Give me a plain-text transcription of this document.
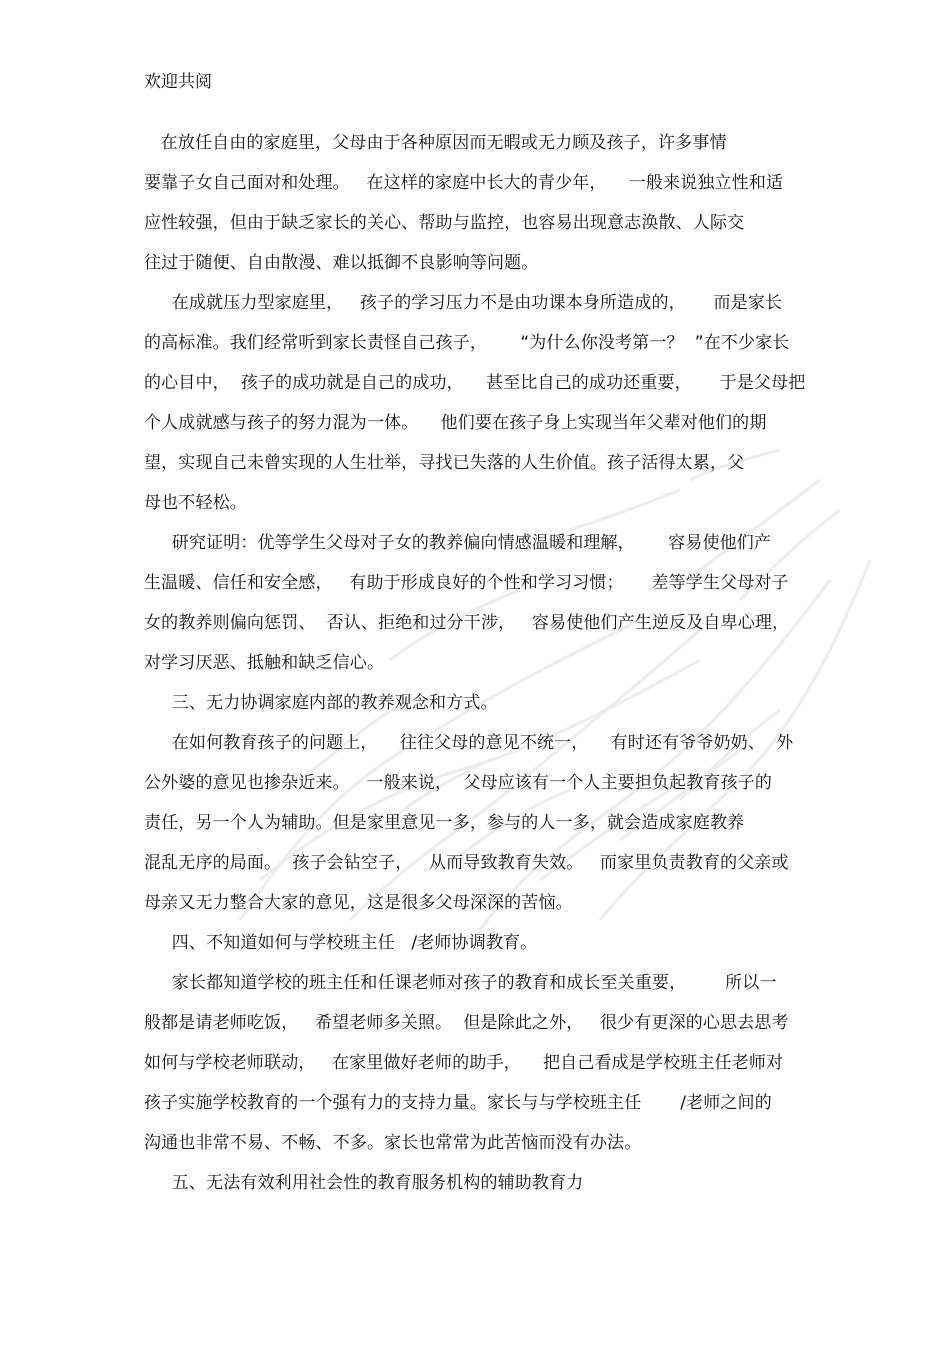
欢迎共阅
在放任自由的家庭里，父母由于各种原因而无暇或无力顾及孩子，许多事情
要靠子女自己面对和处理。   在这样的家庭中长大的青少年，    一般来说独立性和适
应性较强，但由于缺乏家长的关心、帮助与监控，也容易出现意志涣散、人际交
往过于随便、自由散漫、难以抵御不良影响等问题。
在成就压力型家庭里，   孩子的学习压力不是由功课本身所造成的，     而是家长
的高标准。我们经常听到家长责怪自己孩子，      “为什么你没考第一？  ”在不少家长
的心目中，  孩子的成功就是自己的成功，    甚至比自己的成功还重要，     于是父母把
个人成就感与孩子的努力混为一体。    他们要在孩子身上实现当年父辈对他们的期
望，实现自己未曾实现的人生壮举，寻找已失落的人生价值。孩子活得太累，父
母也不轻松。
研究证明：优等学生父母对子女的教养偏向情感温暖和理解，      容易使他们产
生温暖、信任和安全感，   有助于形成良好的个性和学习习惯；     差等学生父母对子
女的教养则偏向惩罚、  否认、拒绝和过分干涉，   容易使他们产生逆反及自卑心理，
对学习厌恶、抵触和缺乏信心。
三、无力协调家庭内部的教养观念和方式。
在如何教育孩子的问题上，    往往父母的意见不统一，    有时还有爷爷奶奶、  外
公外婆的意见也掺杂近来。   一般来说，  父母应该有一个人主要担负起教育孩子的
责任，另一个人为辅助。但是家里意见一多，参与的人一多，就会造成家庭教养
混乱无序的局面。  孩子会钻空子，   从而导致教育失效。   而家里负责教育的父亲或
母亲又无力整合大家的意见，这是很多父母深深的苦恼。
四、不知道如何与学校班主任   /老师协调教育。
家长都知道学校的班主任和任课老师对孩子的教育和成长至关重要，       所以一
般都是请老师吃饭，   希望老师多关照。  但是除此之外，   很少有更深的心思去思考
如何与学校老师联动，   在家里做好老师的助手，    把自己看成是学校班主任老师对
孩子实施学校教育的一个强有力的支持力量。家长与与学校班主任       /老师之间的
沟通也非常不易、不畅、不多。家长也常常为此苦恼而没有办法。
五、无法有效利用社会性的教育服务机构的辅助教育力
